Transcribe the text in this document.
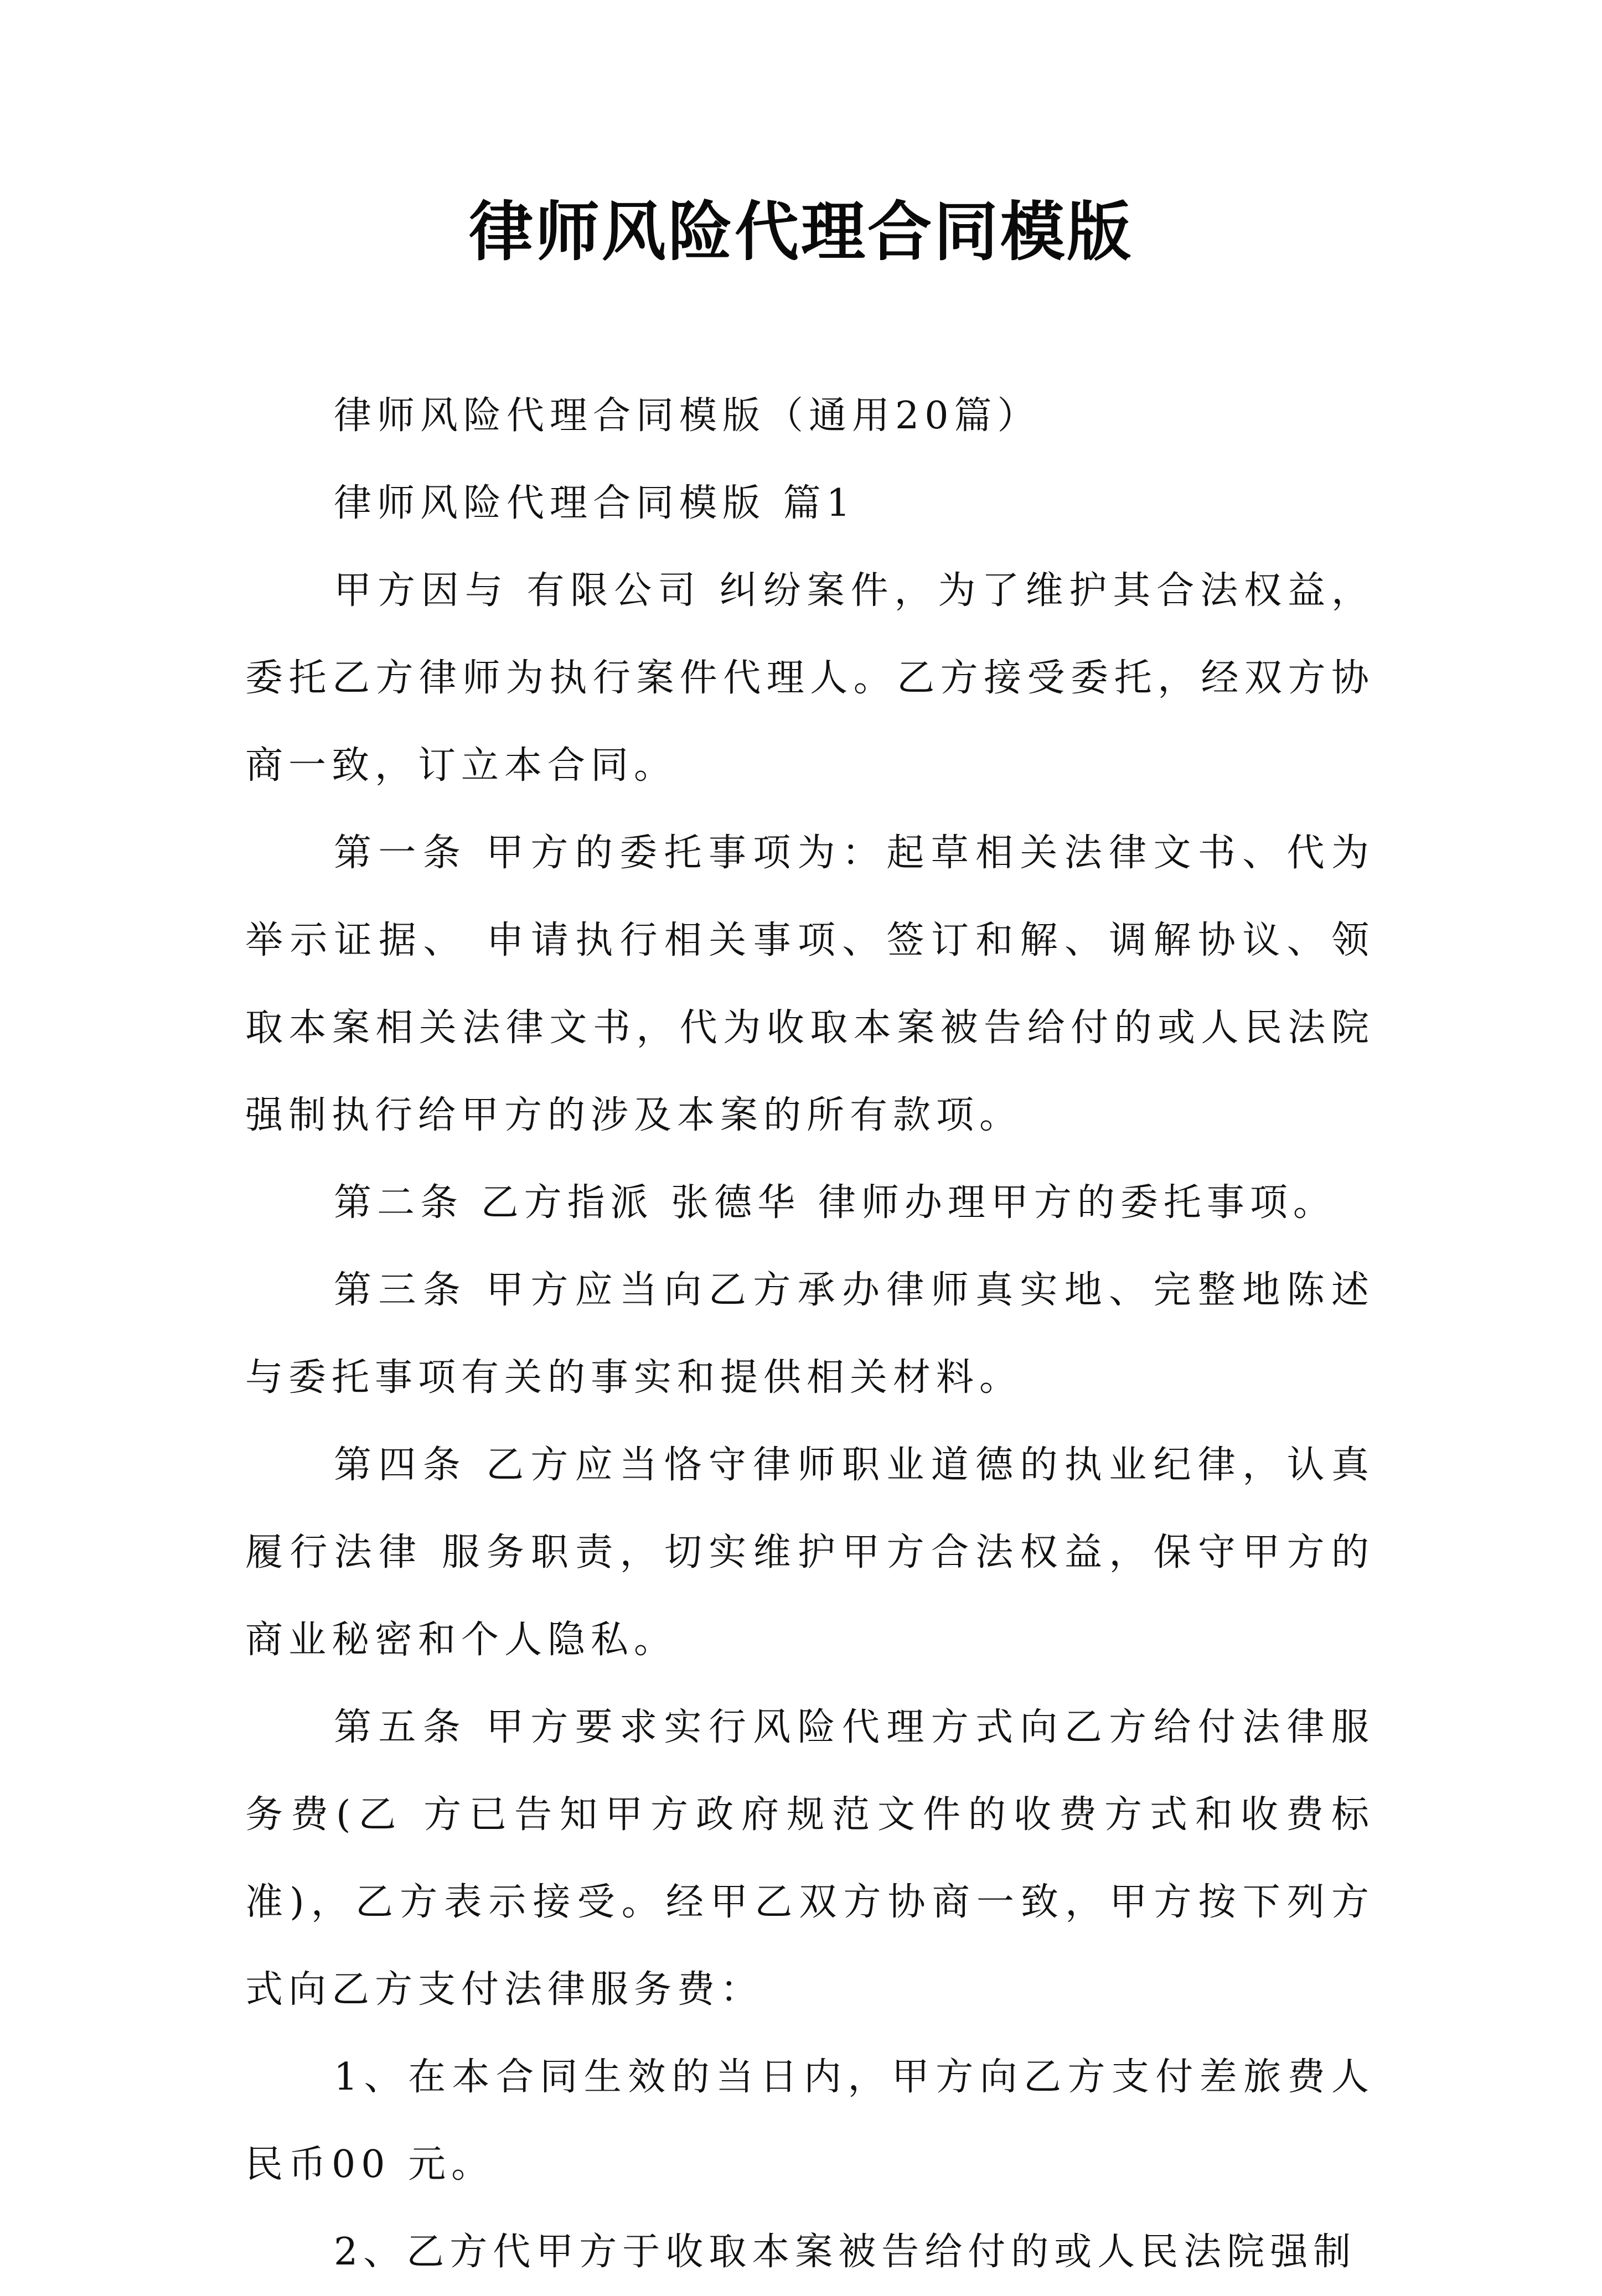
律师风险代理合同模版

律师风险代理合同模版（通用20篇）

律师风险代理合同模版 篇1

甲方因与 有限公司 纠纷案件，为了维护其合法权益，委托乙方律师为执行案件代理人。乙方接受委托，经双方协商一致，订立本合同。

第一条 甲方的委托事项为：起草相关法律文书、代为举示证据、 申请执行相关事项、签订和解、调解协议、领取本案相关法律文书，代为收取本案被告给付的或人民法院强制执行给甲方的涉及本案的所有款项。

第二条 乙方指派 张德华 律师办理甲方的委托事项。

第三条 甲方应当向乙方承办律师真实地、完整地陈述与委托事项有关的事实和提供相关材料。

第四条 乙方应当恪守律师职业道德的执业纪律，认真履行法律 服务职责，切实维护甲方合法权益，保守甲方的商业秘密和个人隐私。

第五条 甲方要求实行风险代理方式向乙方给付法律服务费(乙 方已告知甲方政府规范文件的收费方式和收费标准)，乙方表示接受。经甲乙双方协商一致，甲方按下列方式向乙方支付法律服务费：

1、在本合同生效的当日内，甲方向乙方支付差旅费人民币00 元。

2、乙方代甲方于收取本案被告给付的或人民法院强制
